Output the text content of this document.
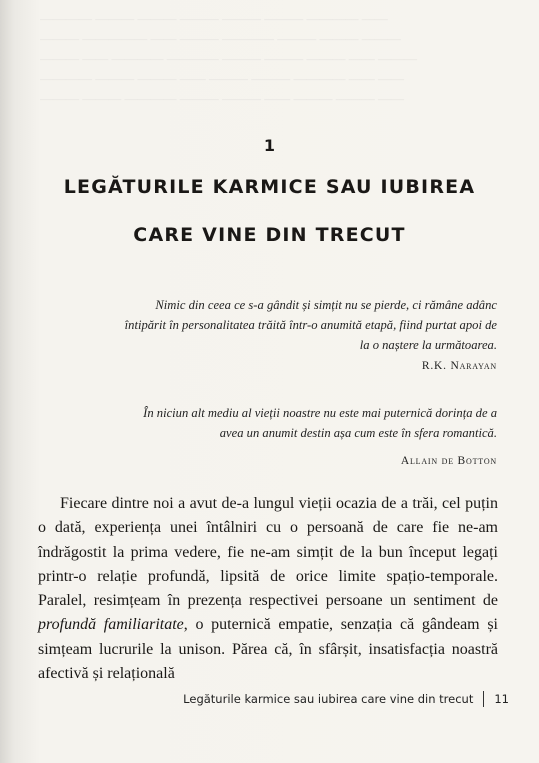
———— ——— ——— ——— ——— ——— ———— ——
——— ————— —— ——— ———— ——— ——— ———
——— —— ———— ———— ——— ——— ——— —— ———
———— ——— ——— —— ——— ——— ———— —— ——
——— ——— ———— ——— ——— —— ——— ——— ——
1
LEGĂTURILE KARMICE SAU IUBIREA
CARE VINE DIN TRECUT
Nimic din ceea ce s-a gândit și simțit nu se pierde, ci rămâne adânc întipărit în personalitatea trăită într-o anumită etapă, fiind purtat apoi de la o naștere la următoarea.
R.K. Narayan
În niciun alt mediu al vieții noastre nu este mai puternică dorința de a avea un anumit destin așa cum este în sfera romantică.
Allain de Botton

Fiecare dintre noi a avut de-a lungul vieții ocazia de a trăi, cel puțin o dată, experiența unei întâlniri cu o persoană de care fie ne-am îndrăgostit la prima vedere, fie ne-am simțit de la bun început legați printr-o relație profundă, lipsită de orice limite spațio-temporale. Paralel, resimțeam în prezența respectivei persoane un sentiment de profundă familiaritate, o puternică empatie, senzația că gândeam și simțeam lucrurile la unison. Părea că, în sfârșit, insatisfacția noastră afectivă și relațională

Legăturile karmice sau iubirea care vine din trecut 11
